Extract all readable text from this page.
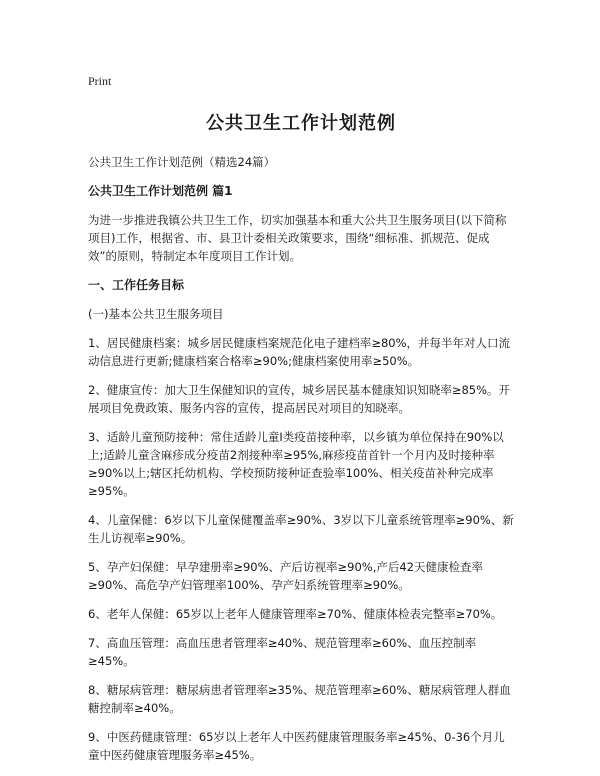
Print
公共卫生工作计划范例

公共卫生工作计划范例（精选24篇）

公共卫生工作计划范例 篇1

为进一步推进我镇公共卫生工作，切实加强基本和重大公共卫生服务项目(以下简称项目)工作，根据省、市、县卫计委相关政策要求，围绕“细标准、抓规范、促成效”的原则，特制定本年度项目工作计划。

一、工作任务目标

(一)基本公共卫生服务项目

1、居民健康档案：城乡居民健康档案规范化电子建档率≥80%，并每半年对人口流动信息进行更新;健康档案合格率≥90%;健康档案使用率≥50%。

2、健康宣传：加大卫生保健知识的宣传，城乡居民基本健康知识知晓率≥85%。开展项目免费政策、服务内容的宣传，提高居民对项目的知晓率。

3、适龄儿童预防接种：常住适龄儿童I类疫苗接种率，以乡镇为单位保持在90%以上;适龄儿童含麻疹成分疫苗2剂接种率≥95%,麻疹疫苗首针一个月内及时接种率≥90%以上;辖区托幼机构、学校预防接种证查验率100%、相关疫苗补种完成率≥95%。

4、儿童保健：6岁以下儿童保健覆盖率≥90%、3岁以下儿童系统管理率≥90%、新生儿访视率≥90%。

5、孕产妇保健：早孕建册率≥90%、产后访视率≥90%,产后42天健康检查率≥90%、高危孕产妇管理率100%、孕产妇系统管理率≥90%。

6、老年人保健：65岁以上老年人健康管理率≥70%、健康体检表完整率≥70%。

7、高血压管理：高血压患者管理率≥40%、规范管理率≥60%、血压控制率≥45%。

8、糖尿病管理：糖尿病患者管理率≥35%、规范管理率≥60%、糖尿病管理人群血糖控制率≥40%。

9、中医药健康管理：65岁以上老年人中医药健康管理服务率≥45%、0-36个月儿童中医药健康管理服务率≥45%。
